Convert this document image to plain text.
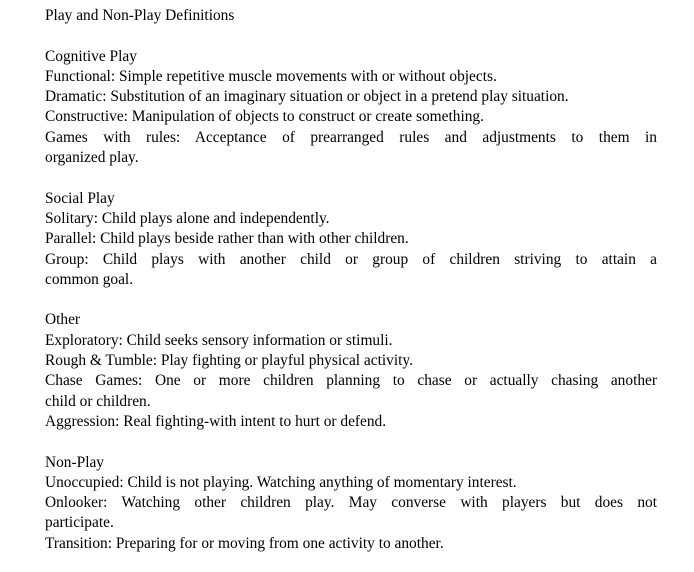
Play and Non-Play Definitions

Cognitive Play

Functional: Simple repetitive muscle movements with or without objects.

Dramatic: Substitution of an imaginary situation or object in a pretend play situation.

Constructive: Manipulation of objects to construct or create something.

Games with rules: Acceptance of prearranged rules and adjustments to them in

organized play.

Social Play

Solitary: Child plays alone and independently.

Parallel: Child plays beside rather than with other children.

Group: Child plays with another child or group of children striving to attain a

common goal.

Other

Exploratory: Child seeks sensory information or stimuli.

Rough & Tumble: Play fighting or playful physical activity.

Chase Games: One or more children planning to chase or actually chasing another

child or children.

Aggression: Real fighting-with intent to hurt or defend.

Non-Play

Unoccupied: Child is not playing. Watching anything of momentary interest.

Onlooker: Watching other children play. May converse with players but does not

participate.

Transition: Preparing for or moving from one activity to another.
